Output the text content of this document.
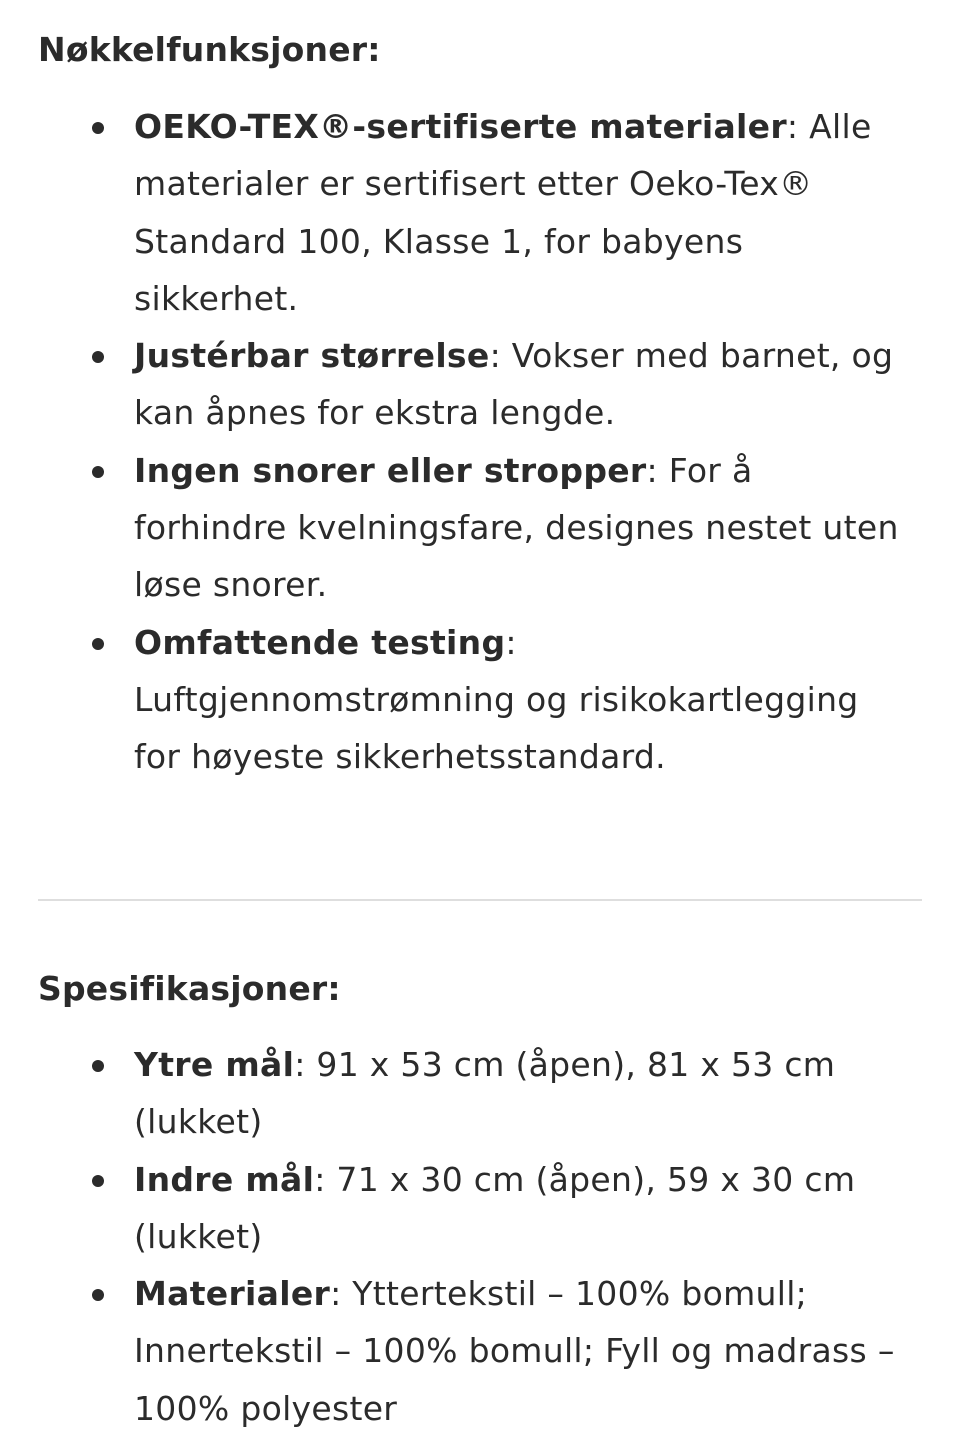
Nøkkelfunksjoner:
OEKO-TEX®-sertifiserte materialer: Alle materialer er sertifisert etter Oeko-Tex® Standard 100, Klasse 1, for babyens sikkerhet.
Justérbar størrelse: Vokser med barnet, og kan åpnes for ekstra lengde.
Ingen snorer eller stropper: For å forhindre kvelningsfare, designes nestet uten løse snorer.
Omfattende testing: Luftgjennomstrømning og risikokartlegging for høyeste sikkerhetsstandard.
Spesifikasjoner:
Ytre mål: 91 x 53 cm (åpen), 81 x 53 cm (lukket)
Indre mål: 71 x 30 cm (åpen), 59 x 30 cm (lukket)
Materialer: Yttertekstil – 100% bomull; Innertekstil – 100% bomull; Fyll og madrass – 100% polyester
